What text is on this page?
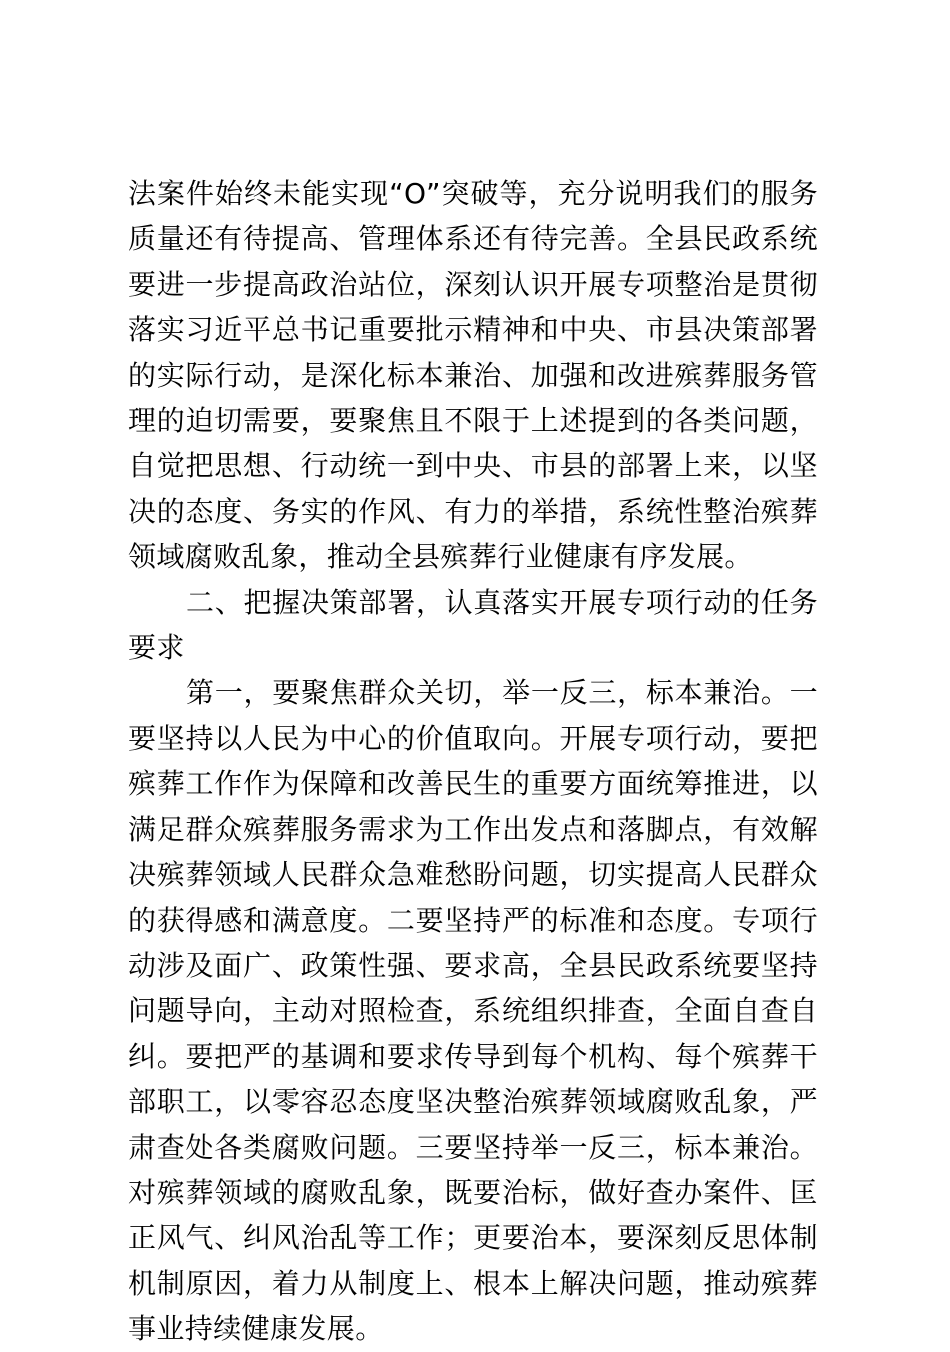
法案件始终未能实现“O”突破等，充分说明我们的服务质量还有待提高、管理体系还有待完善。全县民政系统要进一步提高政治站位，深刻认识开展专项整治是贯彻落实习近平总书记重要批示精神和中央、市县决策部署的实际行动，是深化标本兼治、加强和改进殡葬服务管理的迫切需要，要聚焦且不限于上述提到的各类问题，自觉把思想、行动统一到中央、市县的部署上来，以坚决的态度、务实的作风、有力的举措，系统性整治殡葬领域腐败乱象，推动全县殡葬行业健康有序发展。

二、把握决策部署，认真落实开展专项行动的任务要求

第一，要聚焦群众关切，举一反三，标本兼治。一要坚持以人民为中心的价值取向。开展专项行动，要把殡葬工作作为保障和改善民生的重要方面统筹推进，以满足群众殡葬服务需求为工作出发点和落脚点，有效解决殡葬领域人民群众急难愁盼问题，切实提高人民群众的获得感和满意度。二要坚持严的标准和态度。专项行动涉及面广、政策性强、要求高，全县民政系统要坚持问题导向，主动对照检查，系统组织排查，全面自查自纠。要把严的基调和要求传导到每个机构、每个殡葬干部职工，以零容忍态度坚决整治殡葬领域腐败乱象，严肃查处各类腐败问题。三要坚持举一反三，标本兼治。对殡葬领域的腐败乱象，既要治标，做好查办案件、匡正风气、纠风治乱等工作；更要治本，要深刻反思体制机制原因，着力从制度上、根本上解决问题，推动殡葬事业持续健康发展。
